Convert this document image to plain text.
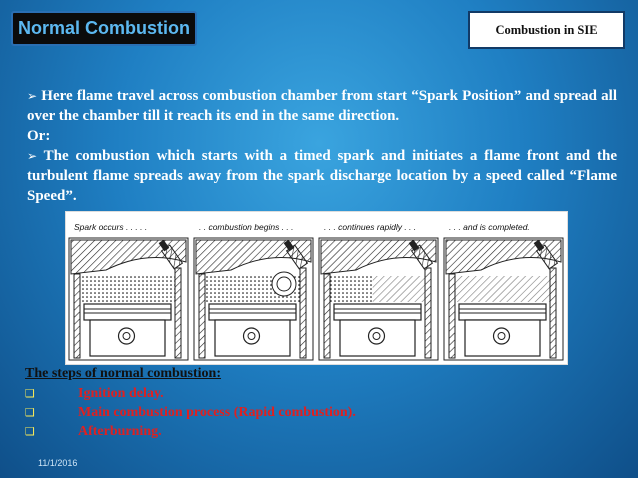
Normal Combustion	Combustion in SIE

➢ Here flame travel across combustion chamber from start “Spark Position” and spread all over the chamber till it reach its end in the same direction.

Or:

➢ The combustion which starts with a timed spark and initiates a flame front and the turbulent flame spreads away from the spark discharge location by a speed called “Flame Speed”.

Spark occurs . . . . .	. . combustion begins . . .	. . . continues rapidly . . .	. . . and is completed.
The steps of normal combustion:
❑	Ignition delay.
❑	Main combustion process (Rapid combustion).
❑	Afterburning.
11/1/2016
